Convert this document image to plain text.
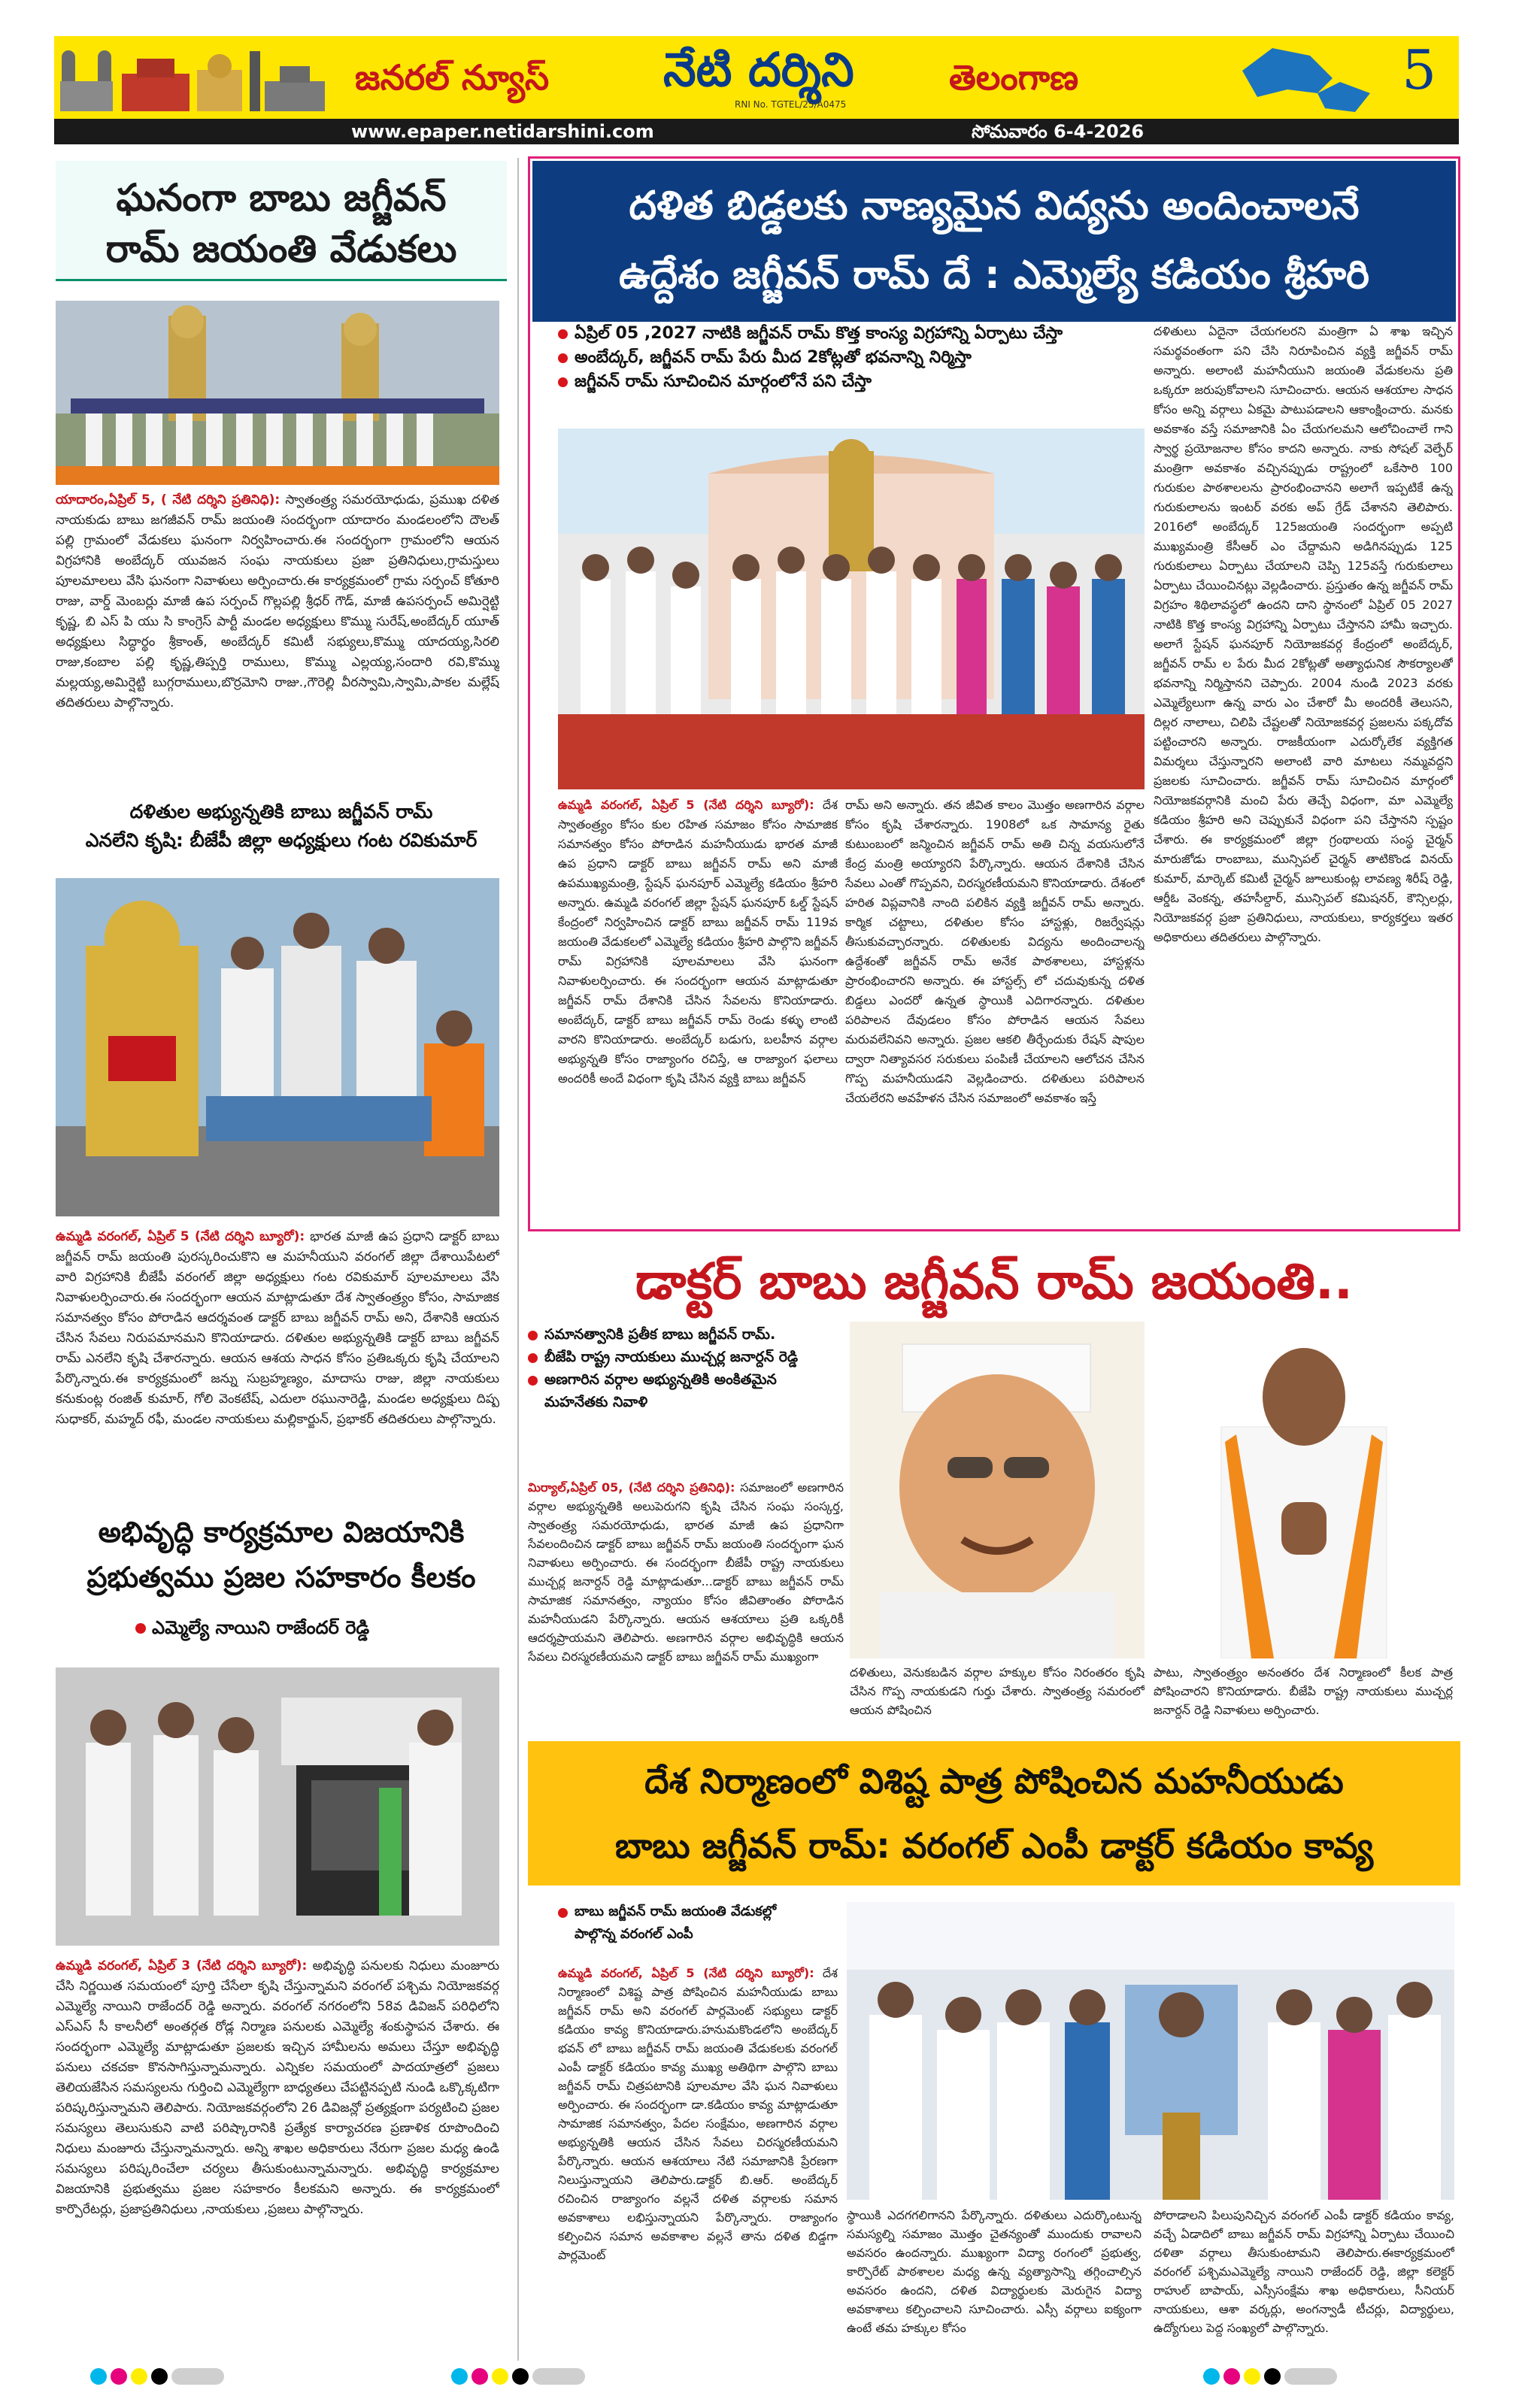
జనరల్ న్యూస్ నేటి దర్శిని
RNI No. TGTEL/25/A0475
తెలంగాణ	5
www.epaper.netidarshini.com	సోమవారం 6-4-2026
ఘనంగా బాబు జగ్జీవన్
రామ్ జయంతి వేడుకలు
యాదారం,ఏప్రిల్ 5, ( నేటి దర్శిని ప్రతినిధి): స్వాతంత్ర్య సమరయోధుడు, ప్రముఖ దళిత నాయకుడు బాబు జగజీవన్ రామ్ జయంతి సందర్భంగా యాదారం మండలంలోని దౌలత్ పల్లి గ్రామంలో వేడుకలు ఘనంగా నిర్వహించారు.ఈ సందర్భంగా గ్రామంలోని ఆయన విగ్రహానికి అంబేద్కర్ యువజన సంఘ నాయకులు ప్రజా ప్రతినిధులు,గ్రామస్తులు పూలమాలలు వేసి ఘనంగా నివాళులు అర్పించారు.ఈ కార్యక్రమంలో గ్రామ సర్పంచ్ కోతూరి రాజు, వార్డ్ మెంబర్లు మాజీ ఉప సర్పంచ్ గొల్లపల్లి శ్రీధర్ గౌడ్, మాజీ ఉపసర్పంచ్ అమిర్షెట్టి కృష్ణ, బి ఎస్ పి యు సి కాంగ్రెస్ పార్టీ మండల అధ్యక్షులు కొమ్ము సురేష్,అంబేద్కర్ యూత్ అధ్యక్షులు సిద్ధార్థం శ్రీకాంత్, అంబేద్కర్ కమిటీ సభ్యులు,కొమ్ము యాదయ్య,సిరలి రాజు,కంబాల పల్లి కృష్ణ,తిప్పర్తి రాములు, కొమ్ము ఎల్లయ్య,సందారి రవి,కొమ్ము మల్లయ్య,అమిర్షెట్టి బుగ్గరాములు,బొర్రమోని రాజు.,గౌరెల్లి వీరస్వామి,స్వామి,పాకల మల్లేష్ తదితరులు పాల్గొన్నారు.
దళితుల అభ్యున్నతికి బాబు జగ్జీవన్ రామ్
ఎనలేని కృషి: బీజేపీ జిల్లా అధ్యక్షులు గంట రవికుమార్
ఉమ్మడి వరంగల్, ఏప్రిల్ 5 (నేటి దర్శిని బ్యూరో): భారత మాజీ ఉప ప్రధాని డాక్టర్ బాబు జగ్జీవన్ రామ్ జయంతి పురస్కరించుకొని ఆ మహనీయుని వరంగల్ జిల్లా దేశాయిపేటలో వారి విగ్రహానికి బీజేపీ వరంగల్ జిల్లా అధ్యక్షులు గంట రవికుమార్ పూలమాలలు వేసి నివాళులర్పించారు.ఈ సందర్భంగా ఆయన మాట్లాడుతూ దేశ స్వాతంత్ర్యం కోసం, సామాజిక సమానత్వం కోసం పోరాడిన ఆదర్శవంత డాక్టర్ బాబు జగ్జీవన్ రామ్ అని, దేశానికి ఆయన చేసిన సేవలు నిరుపమానమని కొనియాడారు. దళితుల అభ్యున్నతికి డాక్టర్ బాబు జగ్జీవన్ రామ్ ఎనలేని కృషి చేశారన్నారు. ఆయన ఆశయ సాధన కోసం ప్రతిఒక్కరు కృషి చేయాలని పేర్కొన్నారు.ఈ కార్యక్రమంలో జన్ను సుబ్రహ్మణ్యం, మాదాసు రాజు, జిల్లా నాయకులు కనుకుంట్ల రంజిత్ కుమార్, గోలి వెంకటేష్, ఎదులా రఘునారెడ్డి, మండల అధ్యక్షులు దిష్ప సుధాకర్, మహ్మద్ రఫీ, మండల నాయకులు మల్లికార్జున్, ప్రభాకర్ తదితరులు పాల్గొన్నారు.
అభివృద్ధి కార్యక్రమాల విజయానికి
ప్రభుత్వము ప్రజల సహకారం కీలకం
ఎమ్మెల్యే నాయిని రాజేందర్ రెడ్డి
ఉమ్మడి వరంగల్, ఏప్రిల్ 3 (నేటి దర్శిని బ్యూరో): అభివృద్ధి పనులకు నిధులు మంజూరు చేసి నిర్ణయిత సమయంలో పూర్తి చేసేలా కృషి చేస్తున్నామని వరంగల్ పశ్చిమ నియోజకవర్గ ఎమ్మెల్యే నాయిని రాజేందర్ రెడ్డి అన్నారు. వరంగల్ నగరంలోని 58వ డివిజన్ పరిధిలోని ఎస్ఎస్ సీ కాలనీలో అంతర్గత రోడ్ల నిర్మాణ పనులకు ఎమ్మెల్యే శంకుస్థాపన చేశారు. ఈ సందర్భంగా ఎమ్మెల్యే మాట్లాడుతూ ప్రజలకు ఇచ్చిన హామీలను అమలు చేస్తూ అభివృద్ధి పనులు చకచకా కొనసాగిస్తున్నామన్నారు. ఎన్నికల సమయంలో పాదయాత్రలో ప్రజలు తెలియజేసిన సమస్యలను గుర్తించి ఎమ్మెల్యేగా బాధ్యతలు చేపట్టినప్పటి నుండి ఒక్కొక్కటిగా పరిష్కరిస్తున్నామని తెలిపారు. నియోజకవర్గంలోని 26 డివిజన్లో ప్రత్యక్షంగా పర్యటించి ప్రజల సమస్యలు తెలుసుకుని వాటి పరిష్కారానికి ప్రత్యేక కార్యాచరణ ప్రణాళిక రూపొందించి నిధులు మంజూరు చేస్తున్నామన్నారు. అన్ని శాఖల అధికారులు నేరుగా ప్రజల మధ్య ఉండి సమస్యలు పరిష్కరించేలా చర్యలు తీసుకుంటున్నామన్నారు. అభివృద్ధి కార్యక్రమాల విజయానికి ప్రభుత్వము ప్రజల సహకారం కీలకమని అన్నారు. ఈ కార్యక్రమంలో కార్పొరేటర్లు, ప్రజాప్రతినిధులు ,నాయకులు ,ప్రజలు పాల్గొన్నారు.
దళిత బిడ్డలకు నాణ్యమైన విద్యను అందించాలనే
ఉద్దేశం జగ్జీవన్ రామ్ దే : ఎమ్మెల్యే కడియం శ్రీహరి
ఏప్రిల్ 05 ,2027 నాటికి జగ్జీవన్ రామ్ కొత్త కాంస్య విగ్రహాన్ని ఏర్పాటు చేస్తా
అంబేద్కర్, జగ్జీవన్ రామ్ పేరు మీద 2కోట్లతో భవనాన్ని నిర్మిస్తా
జగ్జీవన్ రామ్ సూచించిన మార్గంలోనే పని చేస్తా
ఉమ్మడి వరంగల్, ఏప్రిల్ 5 (నేటి దర్శిని బ్యూరో): దేశ స్వాతంత్ర్యం కోసం కుల రహిత సమాజం కోసం సామాజిక సమానత్వం కోసం పోరాడిన మహనీయుడు భారత మాజీ ఉప ప్రధాని డాక్టర్ బాబు జగ్జీవన్ రామ్ అని మాజీ ఉపముఖ్యమంత్రి, స్టేషన్ ఘనపూర్ ఎమ్మెల్యే కడియం శ్రీహరి అన్నారు. ఉమ్మడి వరంగల్ జిల్లా స్టేషన్ ఘనపూర్ ఓల్డ్ స్టేషన్ కేంద్రంలో నిర్వహించిన డాక్టర్ బాబు జగ్జీవన్ రామ్ 119వ జయంతి వేడుకలలో ఎమ్మెల్యే కడియం శ్రీహరి పాల్గొని జగ్జీవన్ రామ్ విగ్రహానికి పూలమాలలు వేసి ఘనంగా నివాళులర్పించారు. ఈ సందర్భంగా ఆయన మాట్లాడుతూ జగ్జీవన్ రామ్ దేశానికి చేసిన సేవలను కొనియాడారు. అంబేద్కర్, డాక్టర్ బాబు జగ్జీవన్ రామ్ రెండు కళ్ళు లాంటి వారని కొనియాడారు. అంబేద్కర్ బడుగు, బలహీన వర్గాల అభ్యున్నతి కోసం రాజ్యాంగం రచిస్తే, ఆ రాజ్యాంగ ఫలాలు అందరికీ అందే విధంగా కృషి చేసిన వ్యక్తి బాబు జగ్జీవన్
రామ్ అని అన్నారు. తన జీవిత కాలం మొత్తం అణగారిన వర్గాల కోసం కృషి చేశారన్నారు. 1908లో ఒక సామాన్య రైతు కుటుంబంలో జన్మించిన జగ్జీవన్ రామ్ అతి చిన్న వయసులోనే కేంద్ర మంత్రి అయ్యారని పేర్కొన్నారు. ఆయన దేశానికి చేసిన సేవలు ఎంతో గొప్పవని, చిరస్మరణీయమని కొనియాడారు. దేశంలో హరిత విప్లవానికి నాంది పలికిన వ్యక్తి జగ్జీవన్ రామ్ అన్నారు. కార్మిక చట్టాలు, దళితుల కోసం హాస్టళ్లు, రిజర్వేషన్లు తీసుకువచ్చారన్నారు. దళితులకు విద్యను అందించాలన్న ఉద్దేశంతో జగ్జీవన్ రామ్ అనేక పాఠశాలలు, హాస్టళ్లను ప్రారంభించారని అన్నారు. ఈ హాస్టల్స్ లో చదువుకున్న దళిత బిడ్డలు ఎందరో ఉన్నత స్థాయికి ఎదిగారన్నారు. దళితుల పరిపాలన దేవుడలం కోసం పోరాడిన ఆయన సేవలు మరువలేనివని అన్నారు. ప్రజల ఆకలి తీర్చేందుకు రేషన్ షాపుల ద్వారా నిత్యావసర సరుకులు పంపిణీ చేయాలని ఆలోచన చేసిన గొప్ప మహనీయుడని వెల్లడించారు. దళితులు పరిపాలన చేయలేరని అవహేళన చేసిన సమాజంలో అవకాశం ఇస్తే
దళితులు ఏదైనా చేయగలరని మంత్రిగా ఏ శాఖ ఇచ్చిన సమర్థవంతంగా పని చేసి నిరూపించిన వ్యక్తి జగ్జీవన్ రామ్ అన్నారు. అలాంటి మహనీయుని జయంతి వేడుకలను ప్రతి ఒక్కరూ జరుపుకోవాలని సూచించారు. ఆయన ఆశయాల సాధన కోసం అన్ని వర్గాలు ఏకమై పాటుపడాలని ఆకాంక్షించారు. మనకు అవకాశం వస్తే సమాజానికి ఏం చేయగలమని ఆలోచించాలే గాని స్వార్థ ప్రయోజనాల కోసం కాదని అన్నారు. నాకు సోషల్ వెల్ఫేర్ మంత్రిగా అవకాశం వచ్చినప్పుడు రాష్ట్రంలో ఒకేసారి 100 గురుకుల పాఠశాలలను ప్రారంభించానని అలాగే ఇప్పటికే ఉన్న గురుకులాలను ఇంటర్ వరకు అప్ గ్రేడ్ చేశానని తెలిపారు. 2016లో అంబేద్కర్ 125జయంతి సందర్భంగా అప్పటి ముఖ్యమంత్రి కేసీఆర్ ఎం చేద్దామని అడిగినప్పుడు 125 గురుకులాలు ఏర్పాటు చేయాలని చెప్పి 125వస్తే గురుకులాలు ఏర్పాటు చేయించినట్లు వెల్లడించారు. ప్రస్తుతం ఉన్న జగ్జీవన్ రామ్ విగ్రహం శిథిలావస్థలో ఉందని దాని స్థానంలో ఏప్రిల్ 05 2027 నాటికి కొత్త కాంస్య విగ్రహాన్ని ఏర్పాటు చేస్తానని హామీ ఇచ్చారు. అలాగే స్టేషన్ ఘనపూర్ నియోజకవర్గ కేంద్రంలో అంబేద్కర్, జగ్జీవన్ రామ్ ల పేరు మీద 2కోట్లతో అత్యాధునిక సౌకర్యాలతో భవనాన్ని నిర్మిస్తానని చెప్పారు. 2004 నుండి 2023 వరకు ఎమ్మెల్యేలుగా ఉన్న వారు ఎం చేశారో మీ అందరికీ తెలుసని, దిల్లర నాలాలు, చిలిపి చేష్టలతో నియోజకవర్గ ప్రజలను పక్కదోవ పట్టించారని అన్నారు. రాజకీయంగా ఎదుర్కోలేక వ్యక్తిగత విమర్శలు చేస్తున్నారని అలాంటి వారి మాటలు నమ్మవద్దని ప్రజలకు సూచించారు. జగ్జీవన్ రామ్ సూచించిన మార్గంలో నియోజకవర్గానికి మంచి పేరు తెచ్చే విధంగా, మా ఎమ్మెల్యే కడియం శ్రీహరి అని చెప్పుకునే విధంగా పని చేస్తానని స్పష్టం చేశారు. ఈ కార్యక్రమంలో జిల్లా గ్రంథాలయ సంస్థ చైర్మన్ మారుజోడు రాంబాబు, మున్సిపల్ చైర్మన్ తాటికొండ వినయ్ కుమార్, మార్కెట్ కమిటీ చైర్మన్ జూలుకుంట్ల లావణ్య శిరీష్ రెడ్డి, ఆర్డీఓ వెంకన్న, తహసీల్దార్, మున్సిపల్ కమిషనర్, కౌన్సిలర్లు, నియోజకవర్గ ప్రజా ప్రతినిధులు, నాయకులు, కార్యకర్తలు ఇతర అధికారులు తదితరులు పాల్గొన్నారు.
డాక్టర్ బాబు జగ్జీవన్ రామ్ జయంతి..
సమానత్వానికి ప్రతీక బాబు జగ్జీవన్ రామ్.
బీజేపి రాష్ట్ర నాయకులు ముచ్చర్ల జనార్దన్ రెడ్డి
అణగారిన వర్గాల అభ్యున్నతికి అంకితమైన మహనేతకు నివాళి
మిర్యాల్,ఏప్రిల్ 05, (నేటి దర్శిని ప్రతినిధి): సమాజంలో అణగారిన వర్గాల అభ్యున్నతికి అలుపెరుగని కృషి చేసిన సంఘ సంస్కర్త, స్వాతంత్ర్య సమరయోధుడు, భారత మాజీ ఉప ప్రధానిగా సేవలందించిన డాక్టర్ బాబు జగ్జీవన్ రామ్ జయంతి సందర్భంగా ఘన నివాళులు అర్పించారు. ఈ సందర్భంగా బీజేపీ రాష్ట్ర నాయకులు ముచ్చర్ల జనార్దన్ రెడ్డి మాట్లాడుతూ...డాక్టర్ బాబు జగ్జీవన్ రామ్ సామాజిక సమానత్వం, న్యాయం కోసం జీవితాంతం పోరాడిన మహనీయుడని పేర్కొన్నారు. ఆయన ఆశయాలు ప్రతి ఒక్కరికీ ఆదర్శప్రాయమని తెలిపారు. అణగారిన వర్గాల అభివృద్ధికి ఆయన సేవలు చిరస్మరణీయమని డాక్టర్ బాబు జగ్జీవన్ రామ్ ముఖ్యంగా
దళితులు, వెనుకబడిన వర్గాల హక్కుల కోసం నిరంతరం కృషి చేసిన గొప్ప నాయకుడని గుర్తు చేశారు. స్వాతంత్ర్య సమరంలో ఆయన పోషించిన
పాటు, స్వాతంత్ర్యం అనంతరం దేశ నిర్మాణంలో కీలక పాత్ర పోషించారని కొనియాడారు. బీజేపి రాష్ట్ర నాయకులు ముచ్చర్ల జనార్దన్ రెడ్డి నివాళులు అర్పించారు.
దేశ నిర్మాణంలో విశిష్ట పాత్ర పోషించిన మహనీయుడు
బాబు జగ్జీవన్ రామ్: వరంగల్ ఎంపీ డాక్టర్ కడియం కావ్య
బాబు జగ్జీవన్ రామ్ జయంతి వేడుకల్లో పాల్గొన్న వరంగల్ ఎంపీ
ఉమ్మడి వరంగల్, ఏప్రిల్ 5 (నేటి దర్శిని బ్యూరో): దేశ నిర్మాణంలో విశిష్ట పాత్ర పోషించిన మహనీయుడు బాబు జగ్జీవన్ రామ్ అని వరంగల్ పార్లమెంట్ సభ్యులు డాక్టర్ కడియం కావ్య కొనియాడారు.హనుమకొండలోని అంబేద్కర్ భవన్ లో బాబు జగ్జీవన్ రామ్ జయంతి వేడుకలకు వరంగల్ ఎంపీ డాక్టర్ కడియం కావ్య ముఖ్య అతిథిగా పాల్గొని బాబు జగ్జీవన్ రామ్ చిత్రపటానికి పూలమాల వేసి ఘన నివాళులు అర్పించారు. ఈ సందర్భంగా డా.కడియం కావ్య మాట్లాడుతూ సామాజిక సమానత్వం, పేదల సంక్షేమం, అణగారిన వర్గాల అభ్యున్నతికి ఆయన చేసిన సేవలు చిరస్మరణీయమని పేర్కొన్నారు. ఆయన ఆశయాలు నేటి సమాజానికి ప్రేరణగా నిలుస్తున్నాయని తెలిపారు.డాక్టర్ బి.ఆర్. అంబేద్కర్ రచించిన రాజ్యాంగం వల్లనే దళిత వర్గాలకు సమాన అవకాశాలు లభిస్తున్నాయని పేర్కొన్నారు. రాజ్యాంగం కల్పించిన సమాన అవకాశాల వల్లనే తాను దళిత బిడ్డగా పార్లమెంట్
స్థాయికి ఎదగగలిగానని పేర్కొన్నారు. దళితులు ఎదుర్కొంటున్న సమస్యల్ని సమాజం మొత్తం చైతన్యంతో ముందుకు రావాలని అవసరం ఉందన్నారు. ముఖ్యంగా విద్యా రంగంలో ప్రభుత్వ, కార్పొరేట్ పాఠశాలల మధ్య ఉన్న వ్యత్యాసాన్ని తగ్గించాల్సిన అవసరం ఉందని, దళిత విద్యార్థులకు మెరుగైన విద్యా అవకాశాలు కల్పించాలని సూచించారు. ఎస్సీ వర్గాలు ఐక్యంగా ఉంటే తమ హక్కుల కోసం
పోరాడాలని పిలుపునిచ్చిన వరంగల్ ఎంపీ డాక్టర్ కడియం కావ్య, వచ్చే ఏడాదిలో బాబు జగ్జీవన్ రామ్ విగ్రహాన్ని ఏర్పాటు చేయించి దళితా వర్గాలు తీసుకుంటామని తెలిపారు.ఈకార్యక్రమంలో వరంగల్ పశ్చిమఎమ్మెల్యే నాయిని రాజేందర్ రెడ్డి, జిల్లా కలెక్టర్ రాహుల్ బాపాయ్, ఎస్సీసంక్షేమ శాఖ అధికారులు, సీనియర్ నాయకులు, ఆశా వర్కర్లు, అంగన్వాడీ టీచర్లు, విద్యార్థులు, ఉద్యోగులు పెద్ద సంఖ్యలో పాల్గొన్నారు.
